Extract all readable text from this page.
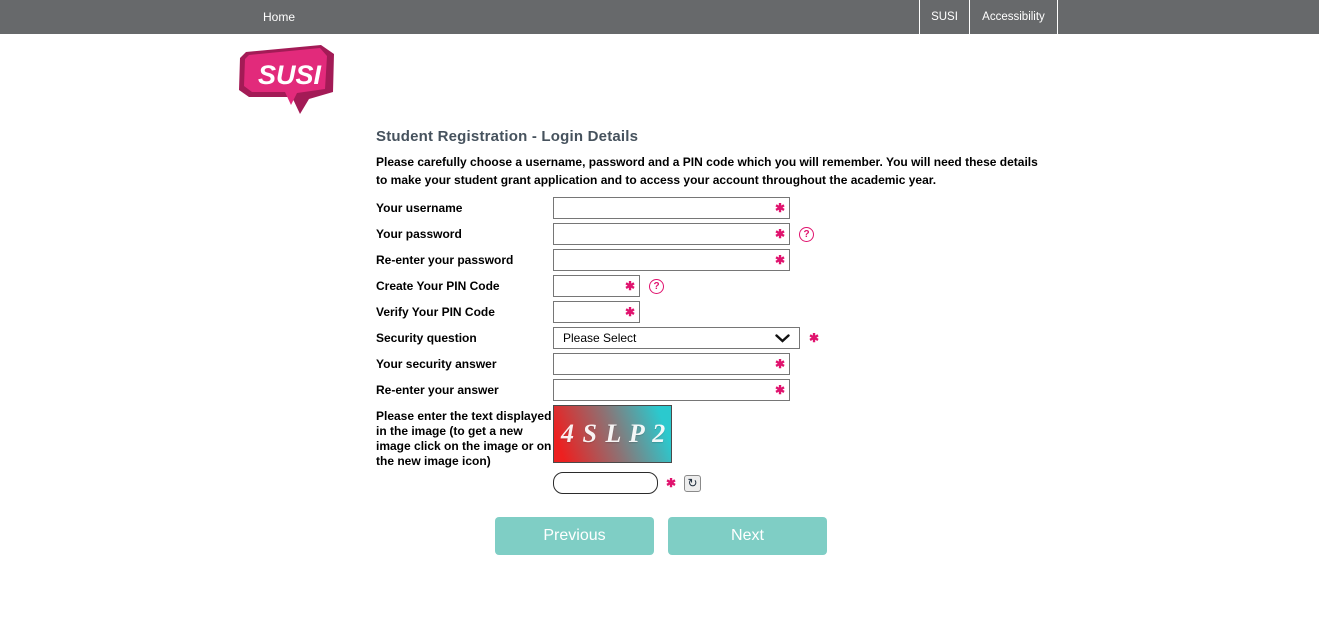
Home	SUSI	Accessibility
SUSI
Student Registration - Login Details

Please carefully choose a username, password and a PIN code which you will remember. You will need these details to make your student grant application and to access your account throughout the academic year.

Your username	✱
Your password	✱	?
Re-enter your password	✱
Create Your PIN Code	✱	?
Verify Your PIN Code	✱
Security question	Please Select	✱
Your security answer	✱
Re-enter your answer	✱
Please enter the text displayed in the image (to get a new image click on the image or on the new image icon)
4 S L P 2
✱ ↻
Previous	Next
